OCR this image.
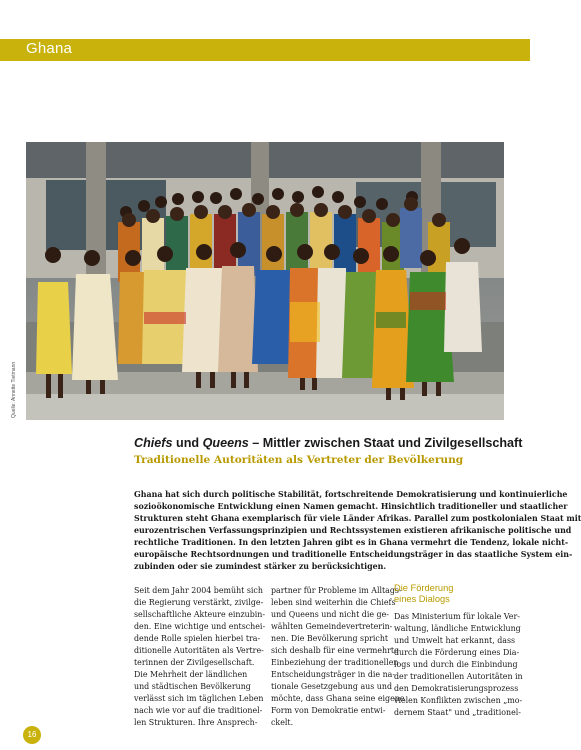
Ghana
Quelle: Annette Tietmann
Chiefs und Queens – Mittler zwischen Staat und Zivilgesellschaft
Traditionelle Autoritäten als Vertreter der Bevölkerung
Ghana hat sich durch politische Stabilität, fortschreitende Demokratisierung und kontinuierliche
sozioökonomische Entwicklung einen Namen gemacht. Hinsichtlich traditioneller und staatlicher
Strukturen steht Ghana exemplarisch für viele Länder Afrikas. Parallel zum postkolonialen Staat mit
eurozentrischen Verfassungsprinzipien und Rechtssystemen existieren afrikanische politische und
rechtliche Traditionen. In den letzten Jahren gibt es in Ghana vermehrt die Tendenz, lokale nicht-
europäische Rechtsordnungen und traditionelle Entscheidungsträger in das staatliche System ein-
zubinden oder sie zumindest stärker zu berücksichtigen.
Seit dem Jahr 2004 bemüht sich
die Regierung verstärkt, zivilge-
sellschaftliche Akteure einzubin-
den. Eine wichtige und entschei-
dende Rolle spielen hierbei tra-
ditionelle Autoritäten als Vertre-
terinnen der Zivilgesellschaft.
Die Mehrheit der ländlichen
und städtischen Bevölkerung
verlässt sich im täglichen Leben
nach wie vor auf die traditionel-
len Strukturen. Ihre Ansprech-
partner für Probleme im Alltags-
leben sind weiterhin die Chiefs
und Queens und nicht die ge-
wählten Gemeindevertreterin-
nen. Die Bevölkerung spricht
sich deshalb für eine vermehrte
Einbeziehung der traditionellen
Entscheidungsträger in die na-
tionale Gesetzgebung aus und
möchte, dass Ghana seine eigene
Form von Demokratie entwi-
ckelt.
Die Förderung
eines Dialogs
Das Ministerium für lokale Ver-
waltung, ländliche Entwicklung
und Umwelt hat erkannt, dass
durch die Förderung eines Dia-
logs und durch die Einbindung
der traditionellen Autoritäten in
den Demokratisierungsprozess
vielen Konflikten zwischen „mo-
dernem Staat" und „traditionel-
16
